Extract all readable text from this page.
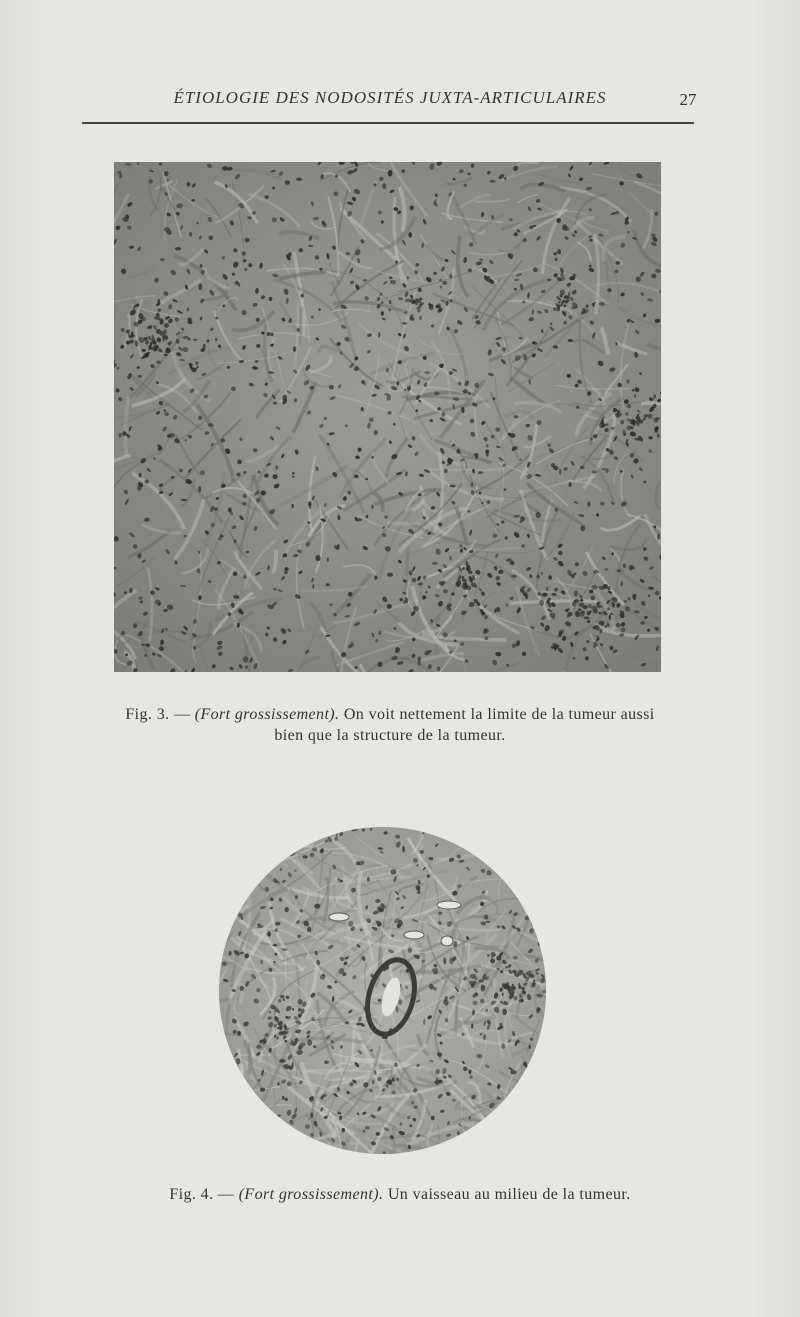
ÉTIOLOGIE DES NODOSITÉS JUXTA-ARTICULAIRES	27
Fig. 3. — (Fort grossissement). On voit nettement la limite de la tumeur aussi bien que la structure de la tumeur.
Fig. 4. — (Fort grossissement). Un vaisseau au milieu de la tumeur.
